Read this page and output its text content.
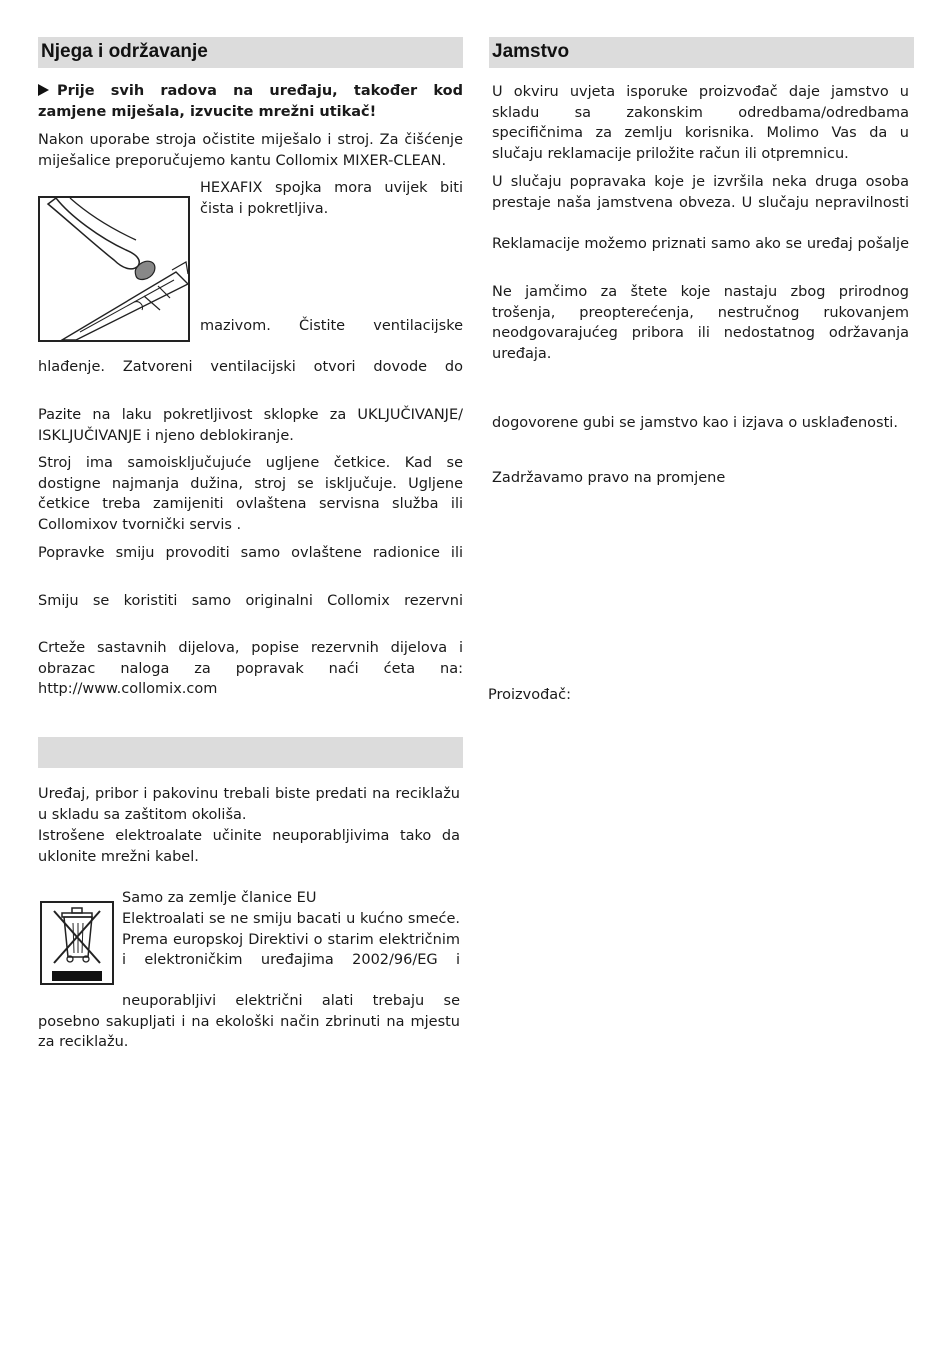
Njega i održavanje

Prije svih radova na uređaju, također kod zamjene miješala, izvucite mrežni utikač!

Nakon uporabe stroja očistite miješalo i stroj. Za čišćenje miješalice preporučujemo kantu Collomix MIXER-CLEAN.

HEXAFIX spojka mora uvijek biti čista i pokretljiva.

mazivom. Čistite ventilacijske

hlađenje. Zatvoreni ventilacijski otvori dovode do

Pazite na laku pokretljivost sklopke za UKLJUČIVANJE/ ISKLJUČIVANJE i njeno deblokiranje.

Stroj ima samoisključujuće ugljene četkice. Kad se dostigne najmanja dužina, stroj se isključuje. Ugljene četkice treba zamijeniti ovlaštena servisna služba ili Collomixov tvornički servis .

Popravke smiju provoditi samo ovlaštene radionice ili

Smiju se koristiti samo originalni Collomix rezervni

Crteže sastavnih dijelova, popise rezervnih dijelova i obrazac naloga za popravak naći ćeta na: http://www.collomix.com

Uređaj, pribor i pakovinu trebali biste predati na reciklažu u skladu sa zaštitom okoliša.

Istrošene elektroalate učinite neuporabljivima tako da uklonite mrežni kabel.

Samo za zemlje članice EU

Elektroalati se ne smiju bacati u kućno smeće. Prema europskoj Direktivi o starim električnim i elektroničkim uređajima 2002/96/EG i

neuporabljivi električni alati trebaju se posebno sakupljati i na ekološki način zbrinuti na mjestu za reciklažu.

Jamstvo

U okviru uvjeta isporuke proizvođač daje jamstvo u skladu sa zakonskim odredbama/odredbama specifičnima za zemlju korisnika. Molimo Vas da u slučaju reklamacije priložite račun ili otpremnicu.

U slučaju popravaka koje je izvršila neka druga osoba prestaje naša jamstvena obveza. U slučaju nepravilnosti

Reklamacije možemo priznati samo ako se uređaj pošalje

Ne jamčimo za štete koje nastaju zbog prirodnog trošenja, preopterećenja, nestručnog rukovanjem neodgovarajućeg pribora ili nedostatnog održavanja uređaja.

dogovorene gubi se jamstvo kao i izjava o usklađenosti.

Zadržavamo pravo na promjene

Proizvođač:
